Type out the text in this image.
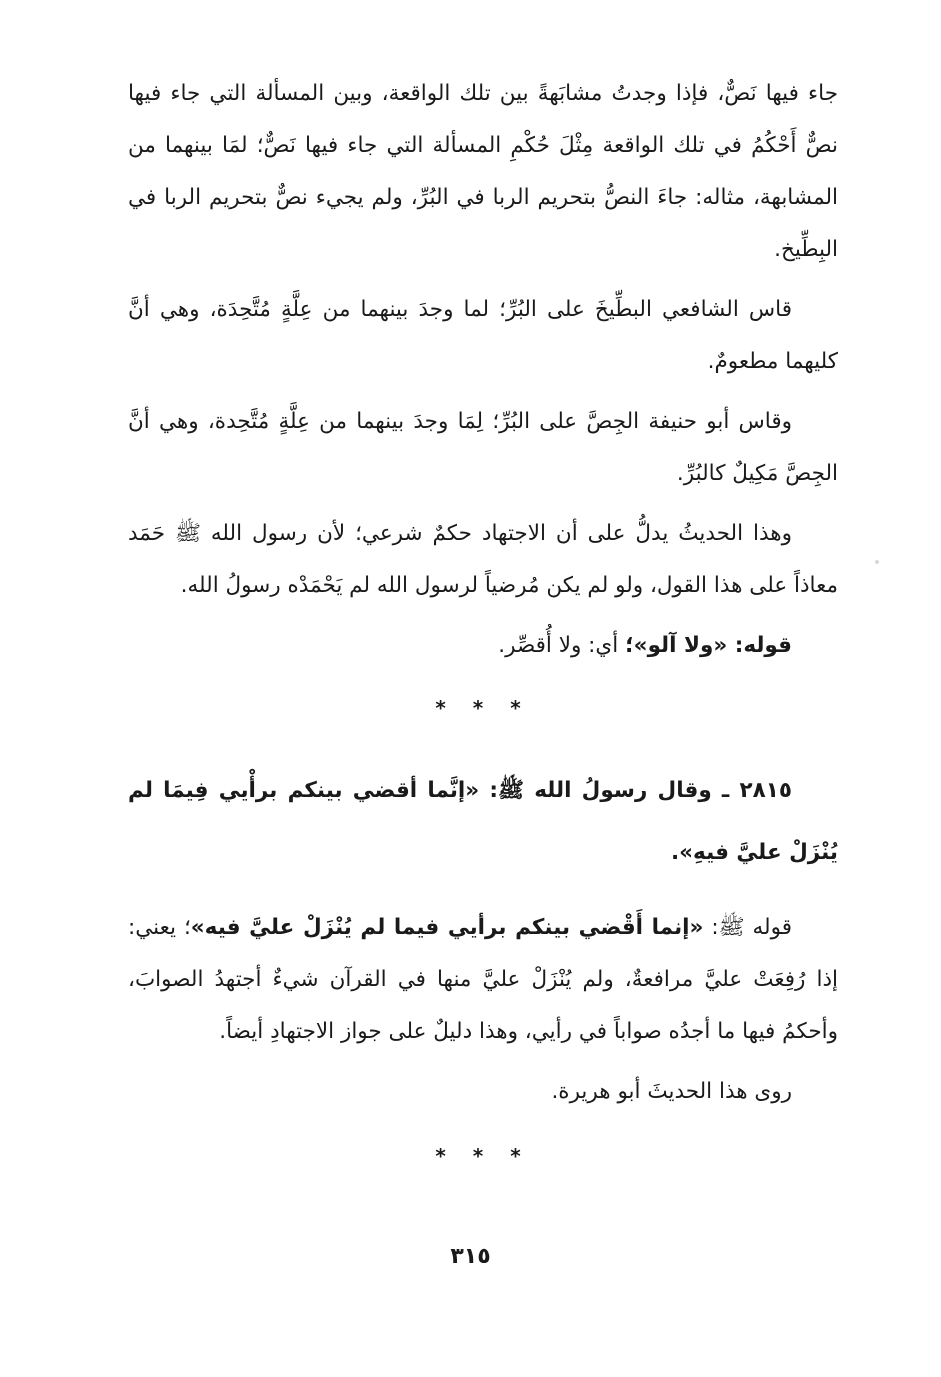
جاء فيها نَصٌّ، فإذا وجدتُ مشابَهةً بين تلك الواقعة، وبين المسألة التي جاء فيها نصٌّ أَحْكُمُ في تلك الواقعة مِثْلَ حُكْمِ المسألة التي جاء فيها نَصٌّ؛ لمَا بينهما من المشابهة، مثاله: جاءَ النصُّ بتحريم الربا في البُرِّ، ولم يجيء نصٌّ بتحريم الربا في البِطِّيخ.

قاس الشافعي البطِّيخَ على البُرِّ؛ لما وجدَ بينهما من عِلَّةٍ مُتَّحِدَة، وهي أنَّ كليهما مطعومٌ.

وقاس أبو حنيفة الجِصَّ على البُرِّ؛ لِمَا وجدَ بينهما من عِلَّةٍ مُتَّحِدة، وهي أنَّ الجِصَّ مَكِيلٌ كالبُرِّ.

وهذا الحديثُ يدلُّ على أن الاجتهاد حكمٌ شرعي؛ لأن رسول الله ﷺ حَمَد معاذاً على هذا القول، ولو لم يكن مُرضياً لرسول الله لم يَحْمَدْه رسولُ الله.

قوله: «ولا آلو»؛ أي: ولا أُقصِّر.

* * *

٢٨١٥ ـ وقال رسولُ الله ﷺ: «إنَّما أقضي بينكم برأْيي فِيمَا لم يُنْزَلْ عليَّ فيهِ».

قوله ﷺ: «إنما أَقْضي بينكم برأيي فيما لم يُنْزَلْ عليَّ فيه»؛ يعني: إذا رُفِعَتْ عليَّ مرافعةٌ، ولم يُنْزَلْ عليَّ منها في القرآن شيءٌ أجتهدُ الصوابَ، وأحكمُ فيها ما أجدُه صواباً في رأيي، وهذا دليلٌ على جواز الاجتهادِ أيضاً.

روى هذا الحديثَ أبو هريرة.

* * *
٣١٥
